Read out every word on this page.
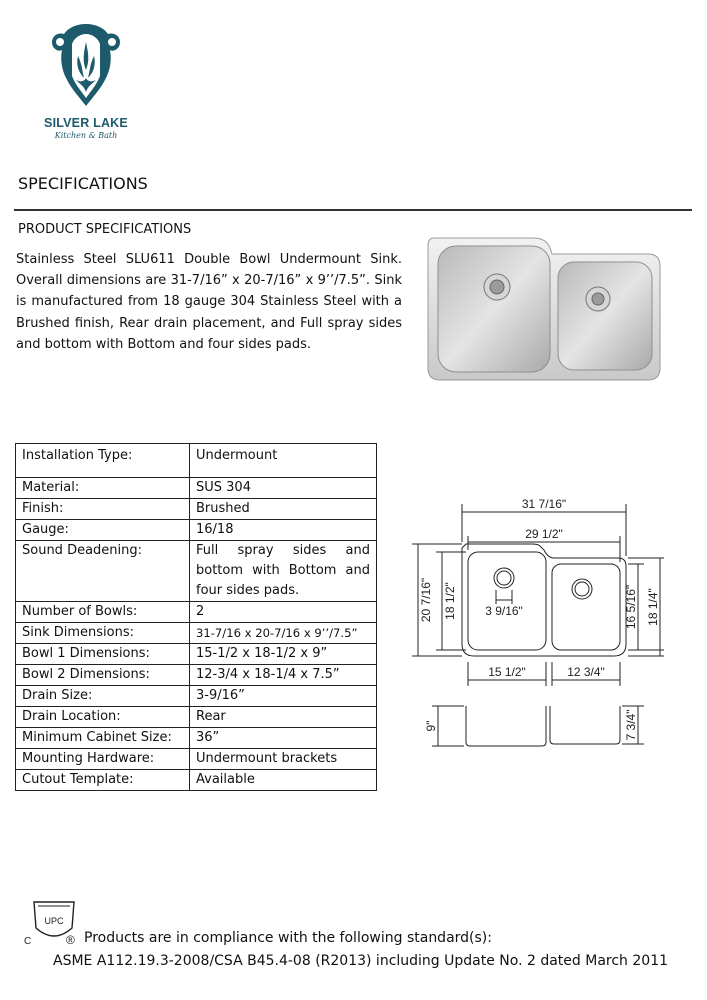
SILVER LAKE
Kitchen & Bath
SPECIFICATIONS
PRODUCT SPECIFICATIONS
Stainless Steel SLU611 Double Bowl Undermount Sink. Overall dimensions are 31-7/16” x 20-7/16” x 9’’/7.5”. Sink is manufactured from 18 gauge 304 Stainless Steel with a Brushed finish, Rear drain placement, and Full spray sides and bottom with Bottom and four sides pads.
Installation Type:	Undermount
Material:	SUS 304
Finish:	Brushed
Gauge:	16/18
Sound Deadening:	Full spray sides and bottom with Bottom and four sides pads.
Number of Bowls:	2
Sink Dimensions:	31-7/16 x 20-7/16 x 9’’/7.5”
Bowl 1 Dimensions:	15-1/2 x 18-1/2 x 9”
Bowl 2 Dimensions:	12-3/4 x 18-1/4 x 7.5”
Drain Size:	3-9/16”
Drain Location:	Rear
Minimum Cabinet Size:	36”
Mounting Hardware:	Undermount brackets
Cutout Template:	Available
31 7/16"
29 1/2"
3 9/16"
15 1/2"	12 3/4"
20 7/16" 18 1/2"	16 5/16" 18 1/4"
9"	7 3/4"
UPC
C	® Products are in compliance with the following standard(s):
ASME A112.19.3-2008/CSA B45.4-08 (R2013) including Update No. 2 dated March 2011
